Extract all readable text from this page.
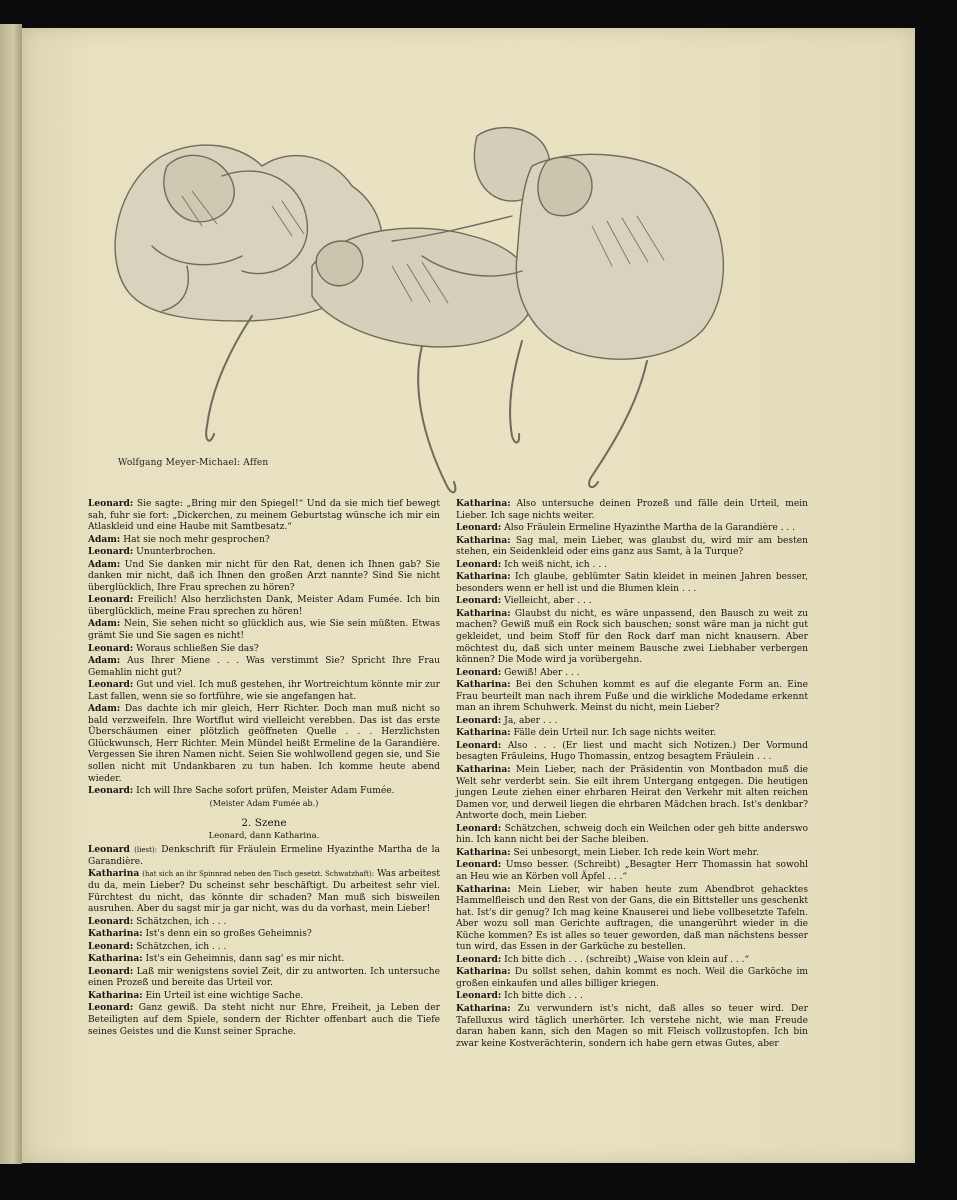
Wolfgang Meyer-Michael: Affen

Leonard: Sie sagte: „Bring mir den Spiegel!“ Und da sie mich tief bewegt sah, fuhr sie fort: „Dickerchen, zu meinem Geburtstag wünsche ich mir ein Atlaskleid und eine Haube mit Samtbesatz.“

Adam: Hat sie noch mehr gesprochen?

Leonard: Ununterbrochen.

Adam: Und Sie danken mir nicht für den Rat, denen ich Ihnen gab? Sie danken mir nicht, daß ich Ihnen den großen Arzt nannte? Sind Sie nicht überglücklich, Ihre Frau sprechen zu hören?

Leonard: Freilich! Also herzlichsten Dank, Meister Adam Fumée. Ich bin überglücklich, meine Frau sprechen zu hören!

Adam: Nein, Sie sehen nicht so glücklich aus, wie Sie sein müßten. Etwas grämt Sie und Sie sagen es nicht!

Leonard: Woraus schließen Sie das?

Adam: Aus Ihrer Miene . . . Was verstimmt Sie? Spricht Ihre Frau Gemahlin nicht gut?

Leonard: Gut und viel. Ich muß gestehen, ihr Wortreichtum könnte mir zur Last fallen, wenn sie so fortführe, wie sie angefangen hat.

Adam: Das dachte ich mir gleich, Herr Richter. Doch man muß nicht so bald verzweifeln. Ihre Wortflut wird vielleicht verebben. Das ist das erste Überschäumen einer plötzlich geöffneten Quelle . . . Herzlichsten Glückwunsch, Herr Richter. Mein Mündel heißt Ermeline de la Garandière. Vergessen Sie ihren Namen nicht. Seien Sie wohlwollend gegen sie, und Sie sollen nicht mit Undankbaren zu tun haben. Ich komme heute abend wieder.

Leonard: Ich will Ihre Sache sofort prüfen, Meister Adam Fumée.

(Meister Adam Fumée ab.)

2. Szene

Leonard, dann Katharina.

Leonard (liest): Denkschrift für Fräulein Ermeline Hyazinthe Martha de la Garandière.

Katharina (hat sich an ihr Spinnrad neben den Tisch gesetzt. Schwatzhaft): Was arbeitest du da, mein Lieber? Du scheinst sehr beschäftigt. Du arbeitest sehr viel. Fürchtest du nicht, das könnte dir schaden? Man muß sich bisweilen ausruhen. Aber du sagst mir ja gar nicht, was du da vorhast, mein Lieber!

Leonard: Schätzchen, ich . . .

Katharina: Ist's denn ein so großes Geheimnis?

Leonard: Schätzchen, ich . . .

Katharina: Ist's ein Geheimnis, dann sag' es mir nicht.

Leonard: Laß mir wenigstens soviel Zeit, dir zu antworten. Ich untersuche einen Prozeß und bereite das Urteil vor.

Katharina: Ein Urteil ist eine wichtige Sache.

Leonard: Ganz gewiß. Da steht nicht nur Ehre, Freiheit, ja Leben der Beteiligten auf dem Spiele, sondern der Richter offenbart auch die Tiefe seines Geistes und die Kunst seiner Sprache.

Katharina: Also untersuche deinen Prozeß und fälle dein Urteil, mein Lieber. Ich sage nichts weiter.

Leonard: Also Fräulein Ermeline Hyazinthe Martha de la Garandière . . .

Katharina: Sag mal, mein Lieber, was glaubst du, wird mir am besten stehen, ein Seidenkleid oder eins ganz aus Samt, à la Turque?

Leonard: Ich weiß nicht, ich . . .

Katharina: Ich glaube, geblümter Satin kleidet in meinen Jahren besser, besonders wenn er hell ist und die Blumen klein . . .

Leonard: Vielleicht, aber . . .

Katharina: Glaubst du nicht, es wäre unpassend, den Bausch zu weit zu machen? Gewiß muß ein Rock sich bauschen; sonst wäre man ja nicht gut gekleidet, und beim Stoff für den Rock darf man nicht knausern. Aber möchtest du, daß sich unter meinem Bausche zwei Liebhaber verbergen können? Die Mode wird ja vorübergehn.

Leonard: Gewiß! Aber . . .

Katharina: Bei den Schuhen kommt es auf die elegante Form an. Eine Frau beurteilt man nach ihrem Fuße und die wirkliche Modedame erkennt man an ihrem Schuhwerk. Meinst du nicht, mein Lieber?

Leonard: Ja, aber . . .

Katharina: Fälle dein Urteil nur. Ich sage nichts weiter.

Leonard: Also . . . (Er liest und macht sich Notizen.) Der Vormund besagten Fräuleins, Hugo Thomassin, entzog besagtem Fräulein . . .

Katharina: Mein Lieber, nach der Präsidentin von Montbadon muß die Welt sehr verderbt sein. Sie eilt ihrem Untergang entgegen. Die heutigen jungen Leute ziehen einer ehrbaren Heirat den Verkehr mit alten reichen Damen vor, und derweil liegen die ehrbaren Mädchen brach. Ist's denkbar? Antworte doch, mein Lieber.

Leonard: Schätzchen, schweig doch ein Weilchen oder geh bitte anderswo hin. Ich kann nicht bei der Sache bleiben.

Katharina: Sei unbesorgt, mein Lieber. Ich rede kein Wort mehr.

Leonard: Umso besser. (Schreibt) „Besagter Herr Thomassin hat sowohl an Heu wie an Körben voll Äpfel . . .“

Katharina: Mein Lieber, wir haben heute zum Abendbrot gehacktes Hammelfleisch und den Rest von der Gans, die ein Bittsteller uns geschenkt hat. Ist's dir genug? Ich mag keine Knauserei und liebe vollbesetzte Tafeln. Aber wozu soll man Gerichte auftragen, die unangerührt wieder in die Küche kommen? Es ist alles so teuer geworden, daß man nächstens besser tun wird, das Essen in der Garküche zu bestellen.

Leonard: Ich bitte dich . . . (schreibt) „Waise von klein auf . . .“

Katharina: Du sollst sehen, dahin kommt es noch. Weil die Garköche im großen einkaufen und alles billiger kriegen.

Leonard: Ich bitte dich . . .

Katharina: Zu verwundern ist's nicht, daß alles so teuer wird. Der Tafelluxus wird täglich unerhörter. Ich verstehe nicht, wie man Freude daran haben kann, sich den Magen so mit Fleisch vollzustopfen. Ich bin zwar keine Kostverächterin, sondern ich habe gern etwas Gutes, aber
